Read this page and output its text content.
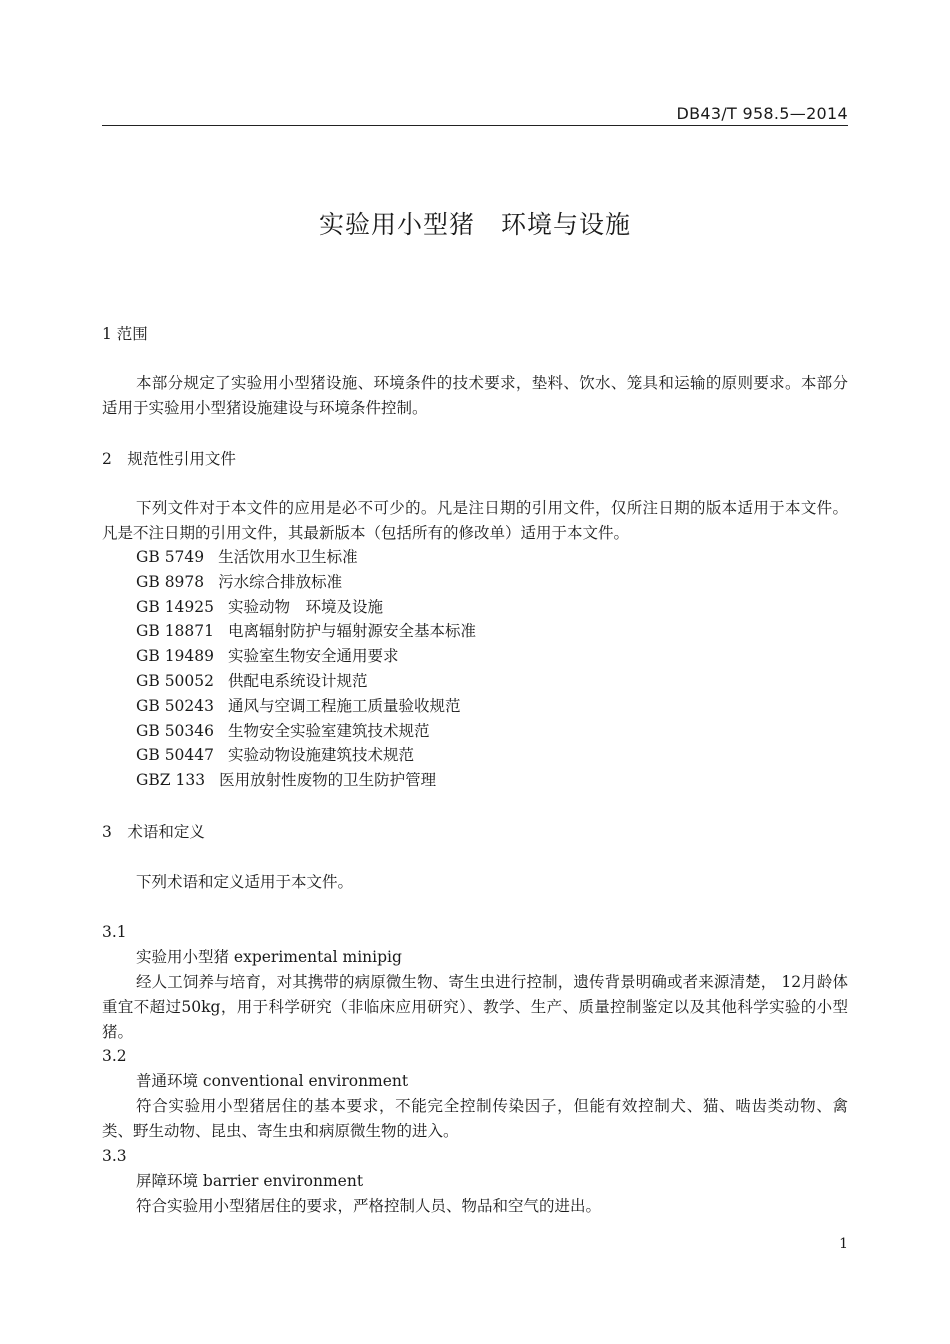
DB43/T 958.5—2014
实验用小型猪　环境与设施
1 范围
本部分规定了实验用小型猪设施、环境条件的技术要求，垫料、饮水、笼具和运输的原则要求。本部分适用于实验用小型猪设施建设与环境条件控制。
2　规范性引用文件
下列文件对于本文件的应用是必不可少的。凡是注日期的引用文件，仅所注日期的版本适用于本文件。凡是不注日期的引用文件，其最新版本（包括所有的修改单）适用于本文件。
GB 5749 生活饮用水卫生标准
GB 8978 污水综合排放标准
GB 14925 实验动物　环境及设施
GB 18871 电离辐射防护与辐射源安全基本标准
GB 19489 实验室生物安全通用要求
GB 50052 供配电系统设计规范
GB 50243 通风与空调工程施工质量验收规范
GB 50346 生物安全实验室建筑技术规范
GB 50447 实验动物设施建筑技术规范
GBZ 133 医用放射性废物的卫生防护管理
3　术语和定义
下列术语和定义适用于本文件。
3.1
实验用小型猪 experimental minipig
经人工饲养与培育，对其携带的病原微生物、寄生虫进行控制，遗传背景明确或者来源清楚， 12月龄体重宜不超过50kg，用于科学研究（非临床应用研究）、教学、生产、质量控制鉴定以及其他科学实验的小型猪。
3.2
普通环境 conventional environment
符合实验用小型猪居住的基本要求，不能完全控制传染因子，但能有效控制犬、猫、啮齿类动物、禽类、野生动物、昆虫、寄生虫和病原微生物的进入。
3.3
屏障环境 barrier environment
符合实验用小型猪居住的要求，严格控制人员、物品和空气的进出。
1
